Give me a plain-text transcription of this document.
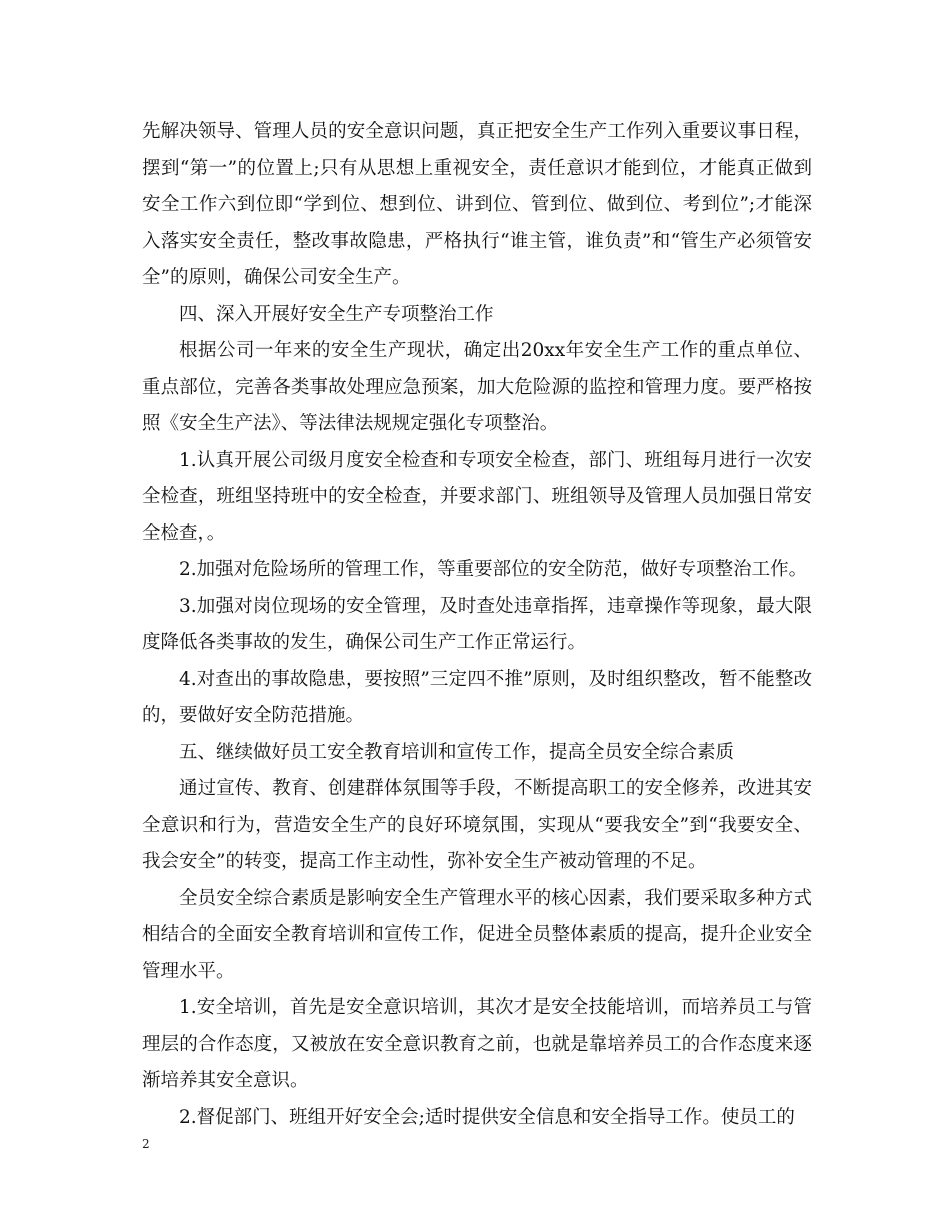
先解决领导、管理人员的安全意识问题，真正把安全生产工作列入重要议事日程，摆到“第一”的位置上;只有从思想上重视安全，责任意识才能到位，才能真正做到安全工作六到位即“学到位、想到位、讲到位、管到位、做到位、考到位”;才能深入落实安全责任，整改事故隐患，严格执行“谁主管，谁负责”和“管生产必须管安全”的原则，确保公司安全生产。

四、深入开展好安全生产专项整治工作

根据公司一年来的安全生产现状，确定出20xx年安全生产工作的重点单位、重点部位，完善各类事故处理应急预案，加大危险源的监控和管理力度。要严格按照《安全生产法》、等法律法规规定强化专项整治。

1.认真开展公司级月度安全检查和专项安全检查，部门、班组每月进行一次安全检查，班组坚持班中的安全检查，并要求部门、班组领导及管理人员加强日常安全检查，。

2.加强对危险场所的管理工作，等重要部位的安全防范，做好专项整治工作。

3.加强对岗位现场的安全管理，及时查处违章指挥，违章操作等现象，最大限度降低各类事故的发生，确保公司生产工作正常运行。

4.对查出的事故隐患，要按照”三定四不推”原则，及时组织整改，暂不能整改的，要做好安全防范措施。

五、继续做好员工安全教育培训和宣传工作，提高全员安全综合素质

通过宣传、教育、创建群体氛围等手段，不断提高职工的安全修养，改进其安全意识和行为，营造安全生产的良好环境氛围，实现从“要我安全”到“我要安全、我会安全”的转变，提高工作主动性，弥补安全生产被动管理的不足。

全员安全综合素质是影响安全生产管理水平的核心因素，我们要采取多种方式相结合的全面安全教育培训和宣传工作，促进全员整体素质的提高，提升企业安全管理水平。

1.安全培训，首先是安全意识培训，其次才是安全技能培训，而培养员工与管理层的合作态度，又被放在安全意识教育之前，也就是靠培养员工的合作态度来逐渐培养其安全意识。

2.督促部门、班组开好安全会;适时提供安全信息和安全指导工作。使员工的

2
